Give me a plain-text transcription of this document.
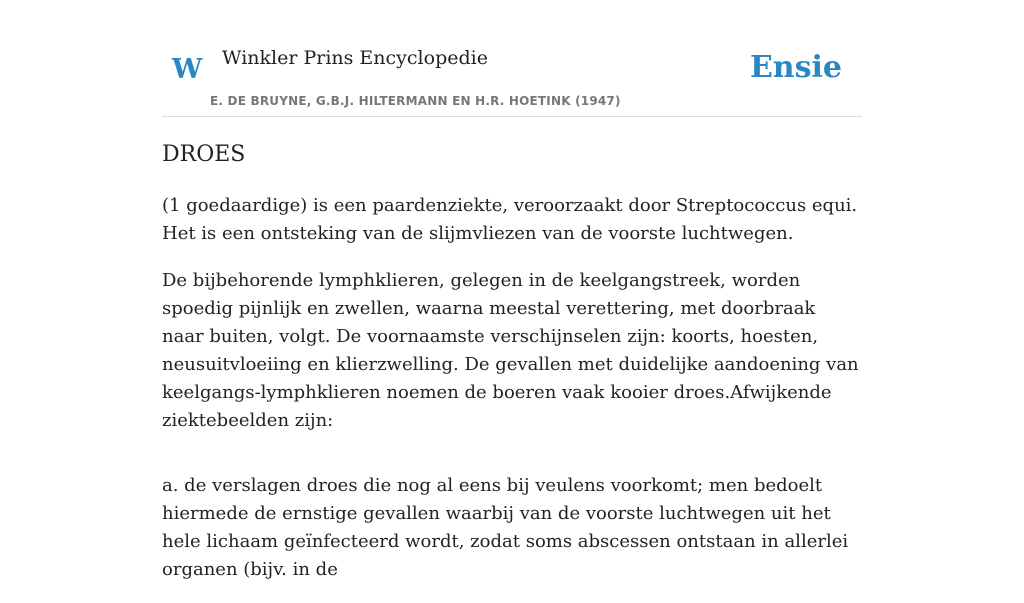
W Winkler Prins Encyclopedie
E. DE BRUYNE, G.B.J. HILTERMANN EN H.R. HOETINK (1947)
Ensie
DROES

(1 goedaardige) is een paardenziekte, veroorzaakt door Streptococcus equi. Het is een ontsteking van de slijmvliezen van de voorste luchtwegen.

De bijbehorende lymphklieren, gelegen in de keelgangstreek, worden spoedig pijnlijk en zwellen, waarna meestal verettering, met doorbraak naar buiten, volgt. De voornaamste verschijnselen zijn: koorts, hoesten, neusuitvloeiing en klierzwelling. De gevallen met duidelijke aandoening van keelgangs-lymphklieren noemen de boeren vaak kooier droes.Afwijkende ziektebeelden zijn:

a. de verslagen droes die nog al eens bij veulens voorkomt; men bedoelt hiermede de ernstige gevallen waarbij van de voorste luchtwegen uit het hele lichaam geïnfecteerd wordt, zodat soms abscessen ontstaan in allerlei organen (bijv. in de
